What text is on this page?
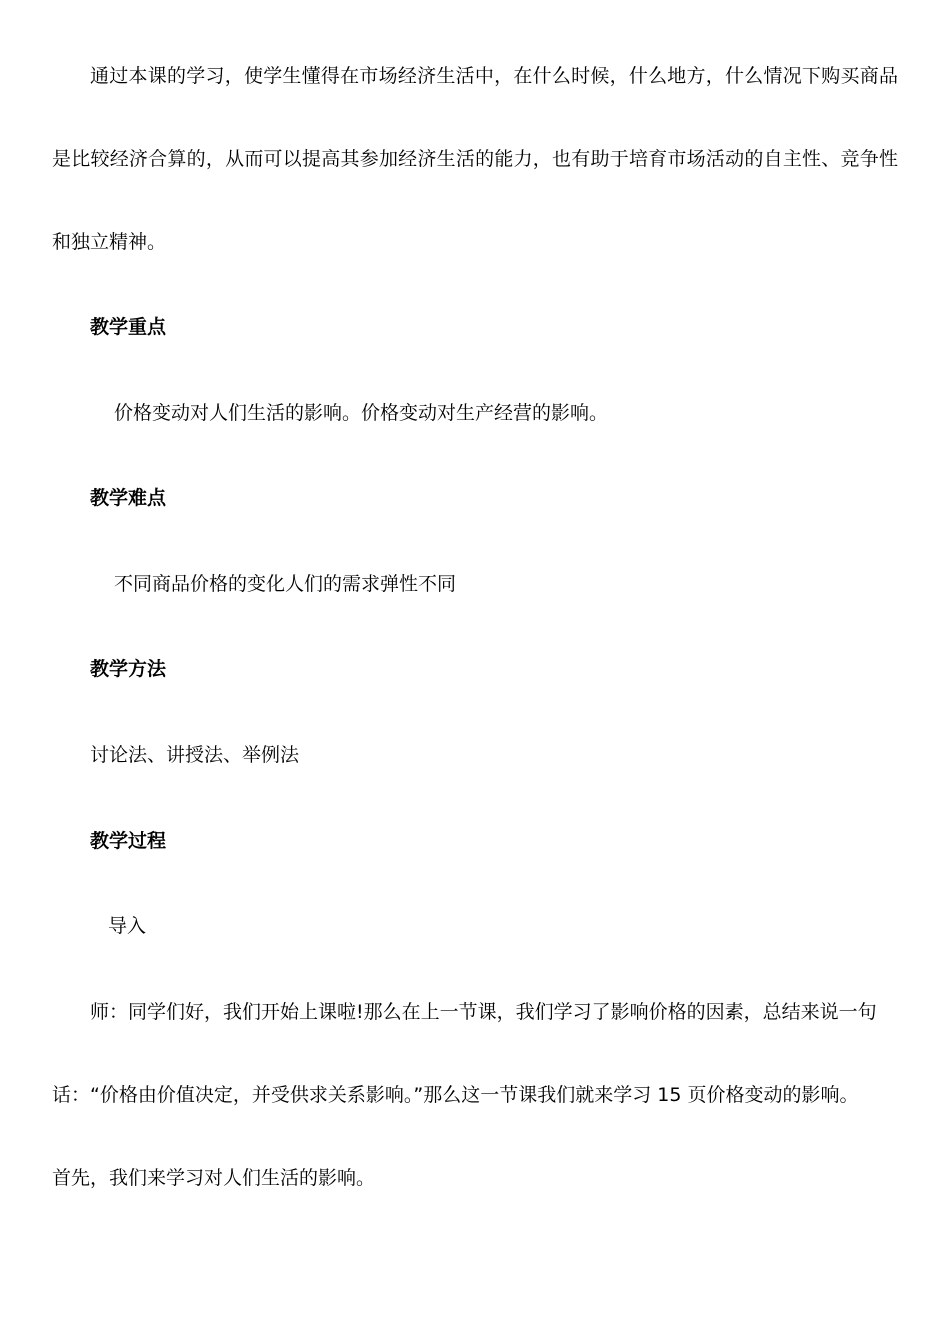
通过本课的学习，使学生懂得在市场经济生活中，在什么时候，什么地方，什么情况下购买商品
是比较经济合算的，从而可以提高其参加经济生活的能力，也有助于培育市场活动的自主性、竞争性
和独立精神。
教学重点
价格变动对人们生活的影响。价格变动对生产经营的影响。
教学难点
不同商品价格的变化人们的需求弹性不同
教学方法
讨论法、讲授法、举例法
教学过程
导入
师：同学们好，我们开始上课啦!那么在上一节课，我们学习了影响价格的因素，总结来说一句
话：“价格由价值决定，并受供求关系影响。”那么这一节课我们就来学习 15 页价格变动的影响。
首先，我们来学习对人们生活的影响。
